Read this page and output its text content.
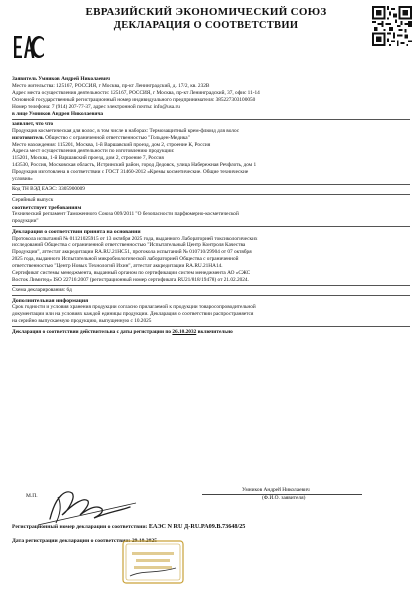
ЕВРАЗИЙСКИЙ ЭКОНОМИЧЕСКИЙ СОЮЗ
ДЕКЛАРАЦИЯ О СООТВЕТСТВИИ

Заявитель Умников Андрей Николаевич

Место жительства: 125167, РОССИЯ, г Москва, пр-кт Ленинградский, д. 17/2, кв. 232В

Адрес места осуществления деятельности: 125167, РОССИЯ, г Москва, пр-кт Ленинградский, 37, офис 11-14

Основной государственный регистрационный номер индивидуального предпринимателя: 385227303100050

Номер телефона: 7 (914) 207-77-37, адрес электронной почты: info@usa.ru

в лице Умников Андрея Николаевича

заявляет, что что

Продукция косметическая для волос, в том числе в наборах: Термозащитный крем-флюид для волос

изготовитель Общество с ограниченной ответственностью "Гольден-Медика"

Место нахождения: 115201, Москва, 1-й Варшавский проезд, дом 2, строение К, Россия

Адреса мест осуществления деятельности по изготовлению продукции:

115201, Москва, 1-й Варшавский проезд, дом 2, строение 7, Россия

143530, Россия, Московская область, Истринский район, город Дедовск, улица Набережная Речфлоть, дом 1

Продукция изготовлена в соответствии с ГОСТ 31460-2012 «Кремы косметические. Общие технические

условия»

Код ТН ВЭД ЕАЭС: 3305900009

Серийный выпуск

соответствует требованиям

Технический регламент Таможенного Союза 009/2011 "О безопасности парфюмерно-косметической

продукции"

Декларация о соответствии принята на основании

Протокола испытаний № 01121025915 от 13 октября 2025 года, выданного Лабораторией токсикологических

исследований Общества с ограниченной ответственностью "Испытательный Центр Контроля Качества

Продукции", аттестат аккредитации RA.RU.21HC51, протокола испытаний № 010710/29904 от 07 октября

2025 года, выданного Испытательной микробиологической лабораторией Общества с ограниченной

ответственностью "Центр Новых Технологий Ихин", аттестат аккредитации RA.RU.21HA14.

Сертификат системы менеджмента, выданный органом по сертификации систем менеджмента АО «СЖС

Восток Лимитед» ISO 22716:2007 (регистрационный номер сертификата RU21/818/19478) от 21.02.2024.

Схема декларирования: 6д

Дополнительная информация

Срок годности и условия хранения продукции согласно прилагаемой к продукции товаросопроводительной

документации или на условиях каждой единицы продукции. Декларация о соответствии распространяется

на серийно выпускаемую продукцию, выпущенную с 10.2025

Декларация о соответствии действительна с даты регистрации по 26.10.2032 включительно

М.П.
Умников Андрей Николаевич
(Ф.И.О. заявителя)
Регистрационный номер декларации о соответствии: ЕАЭС N RU Д-RU.PA09.B.73648/25
Дата регистрации декларации о соответствии: 29.10.2025
